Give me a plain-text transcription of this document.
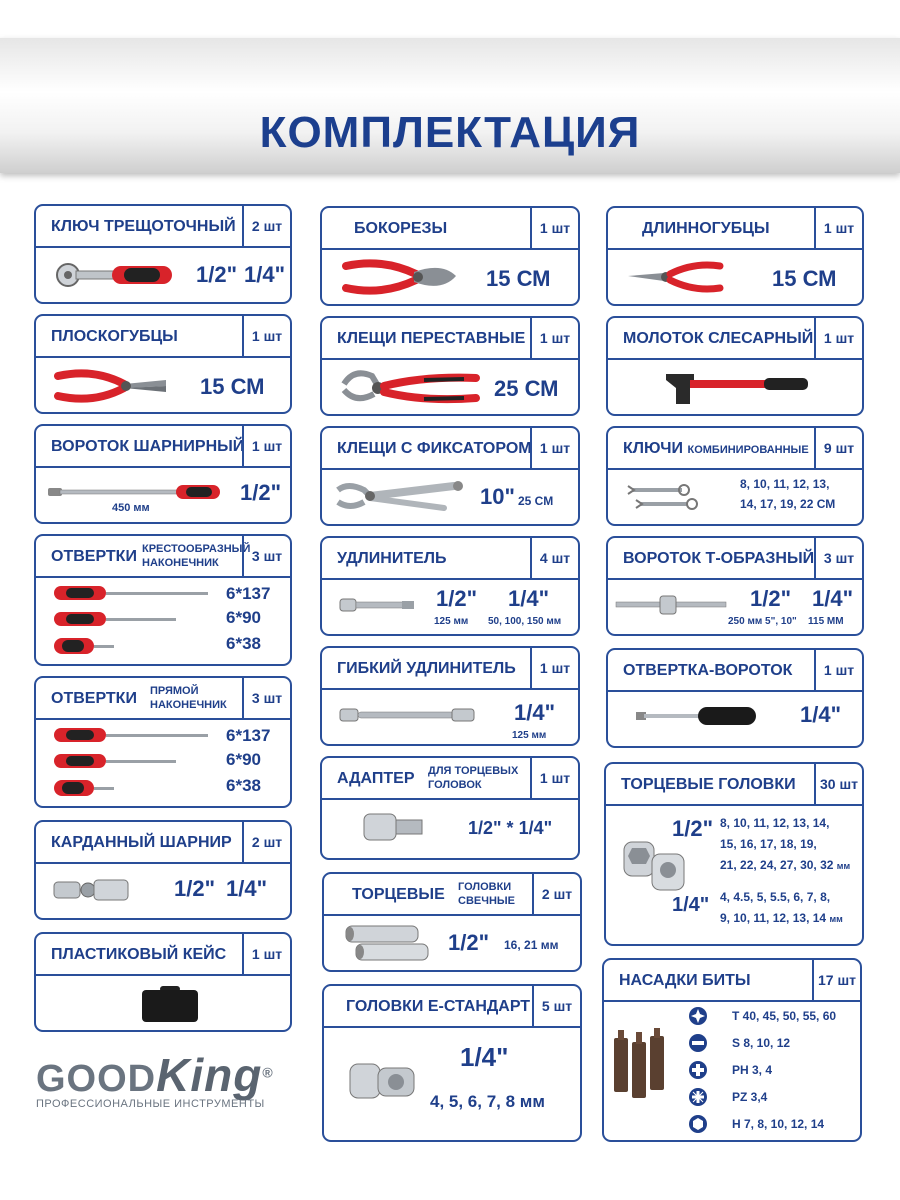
КОМПЛЕКТАЦИЯ
КЛЮЧ ТРЕЩОТОЧНЫЙ	2 шт
1/2" 1/4"
ПЛОСКОГУБЦЫ	1 шт
15 СМ
ВОРОТОК ШАРНИРНЫЙ 1 шт
450 мм
1/2"
ОТВЕРТКИ КРЕСТООБРАЗНЫЙ
НАКОНЕЧНИК	3 шт
6*137
6*90
6*38
ОТВЕРТКИ ПРЯМОЙ
НАКОНЕЧНИК	3 шт
6*137
6*90
6*38
КАРДАННЫЙ ШАРНИР	2 шт
1/2" 1/4"
ПЛАСТИКОВЫЙ КЕЙС	1 шт
GOODKing®
ПРОФЕССИОНАЛЬНЫЕ ИНСТРУМЕНТЫ
БОКОРЕЗЫ	1 шт
15 СМ
КЛЕЩИ ПЕРЕСТАВНЫЕ	1 шт
25 СМ
КЛЕЩИ С ФИКСАТОРОМ 1 шт
10" 25 СМ
УДЛИНИТЕЛЬ	4 шт
1/2" 1/4"
125 мм 50, 100, 150 мм
ГИБКИЙ УДЛИНИТЕЛЬ	1 шт
1/4"
125 мм
АДАПТЕР ДЛЯ ТОРЦЕВЫХ
ГОЛОВОК	1 шт
1/2" * 1/4"
ТОРЦЕВЫЕ ГОЛОВКИ
СВЕЧНЫЕ	2 шт
1/2" 16, 21 мм
ГОЛОВКИ Е-СТАНДАРТ 5 шт
1/4"
4, 5, 6, 7, 8 мм
ДЛИННОГУБЦЫ	1 шт
15 СМ
МОЛОТОК СЛЕСАРНЫЙ 1 шт
КЛЮЧИ КОМБИНИРОВАННЫЕ	9 шт
8, 10, 11, 12, 13,
14, 17, 19, 22 СМ
ВОРОТОК Т-ОБРАЗНЫЙ 3 шт
1/2" 1/4"
250 мм 5", 10" 115 ММ
ОТВЕРТКА-ВОРОТОК	1 шт
1/4"
ТОРЦЕВЫЕ ГОЛОВКИ 30 шт
1/2" 8, 10, 11, 12, 13, 14,
15, 16, 17, 18, 19,
21, 22, 24, 27, 30, 32 мм
1/4" 4, 4.5, 5, 5.5, 6, 7, 8,
9, 10, 11, 12, 13, 14 мм
НАСАДКИ БИТЫ	17 шт
Т 40, 45, 50, 55, 60
S 8, 10, 12
PH 3, 4
PZ 3,4
H 7, 8, 10, 12, 14
